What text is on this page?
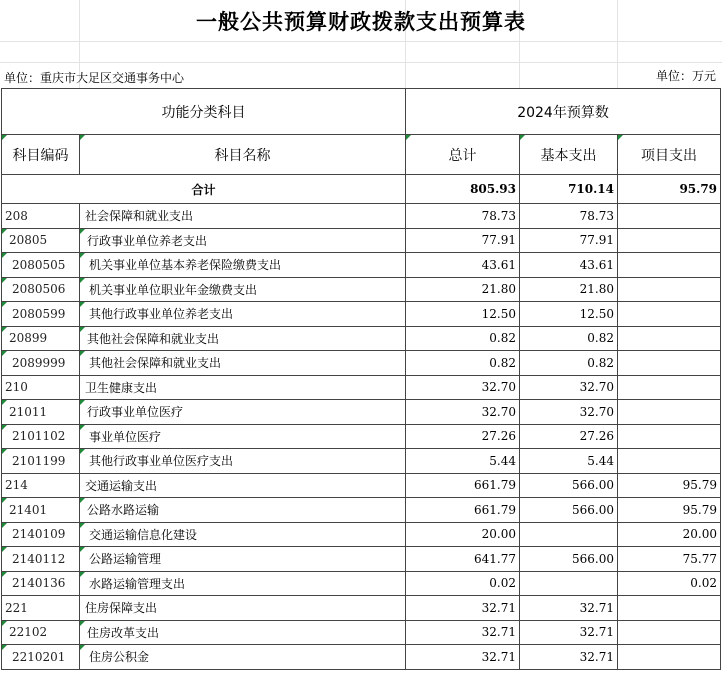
一般公共预算财政拨款支出预算表
单位：重庆市大足区交通事务中心	单位：万元
功能分类科目		2024年预算数		
科目编码	科目名称	总计	基本支出	项目支出
合计		805.93	710.14	95.79
208	社会保障和就业支出	78.73	78.73	
20805	行政事业单位养老支出	77.91	77.91	
2080505	机关事业单位基本养老保险缴费支出	43.61	43.61	
2080506	机关事业单位职业年金缴费支出	21.80	21.80	
2080599	其他行政事业单位养老支出	12.50	12.50	
20899	其他社会保障和就业支出	0.82	0.82	
2089999	其他社会保障和就业支出	0.82	0.82	
210	卫生健康支出	32.70	32.70	
21011	行政事业单位医疗	32.70	32.70	
2101102	事业单位医疗	27.26	27.26	
2101199	其他行政事业单位医疗支出	5.44	5.44	
214	交通运输支出	661.79	566.00	95.79
21401	公路水路运输	661.79	566.00	95.79
2140109	交通运输信息化建设	20.00		20.00
2140112	公路运输管理	641.77	566.00	75.77
2140136	水路运输管理支出	0.02		0.02
221	住房保障支出	32.71	32.71	
22102	住房改革支出	32.71	32.71	
2210201	住房公积金	32.71	32.71	
